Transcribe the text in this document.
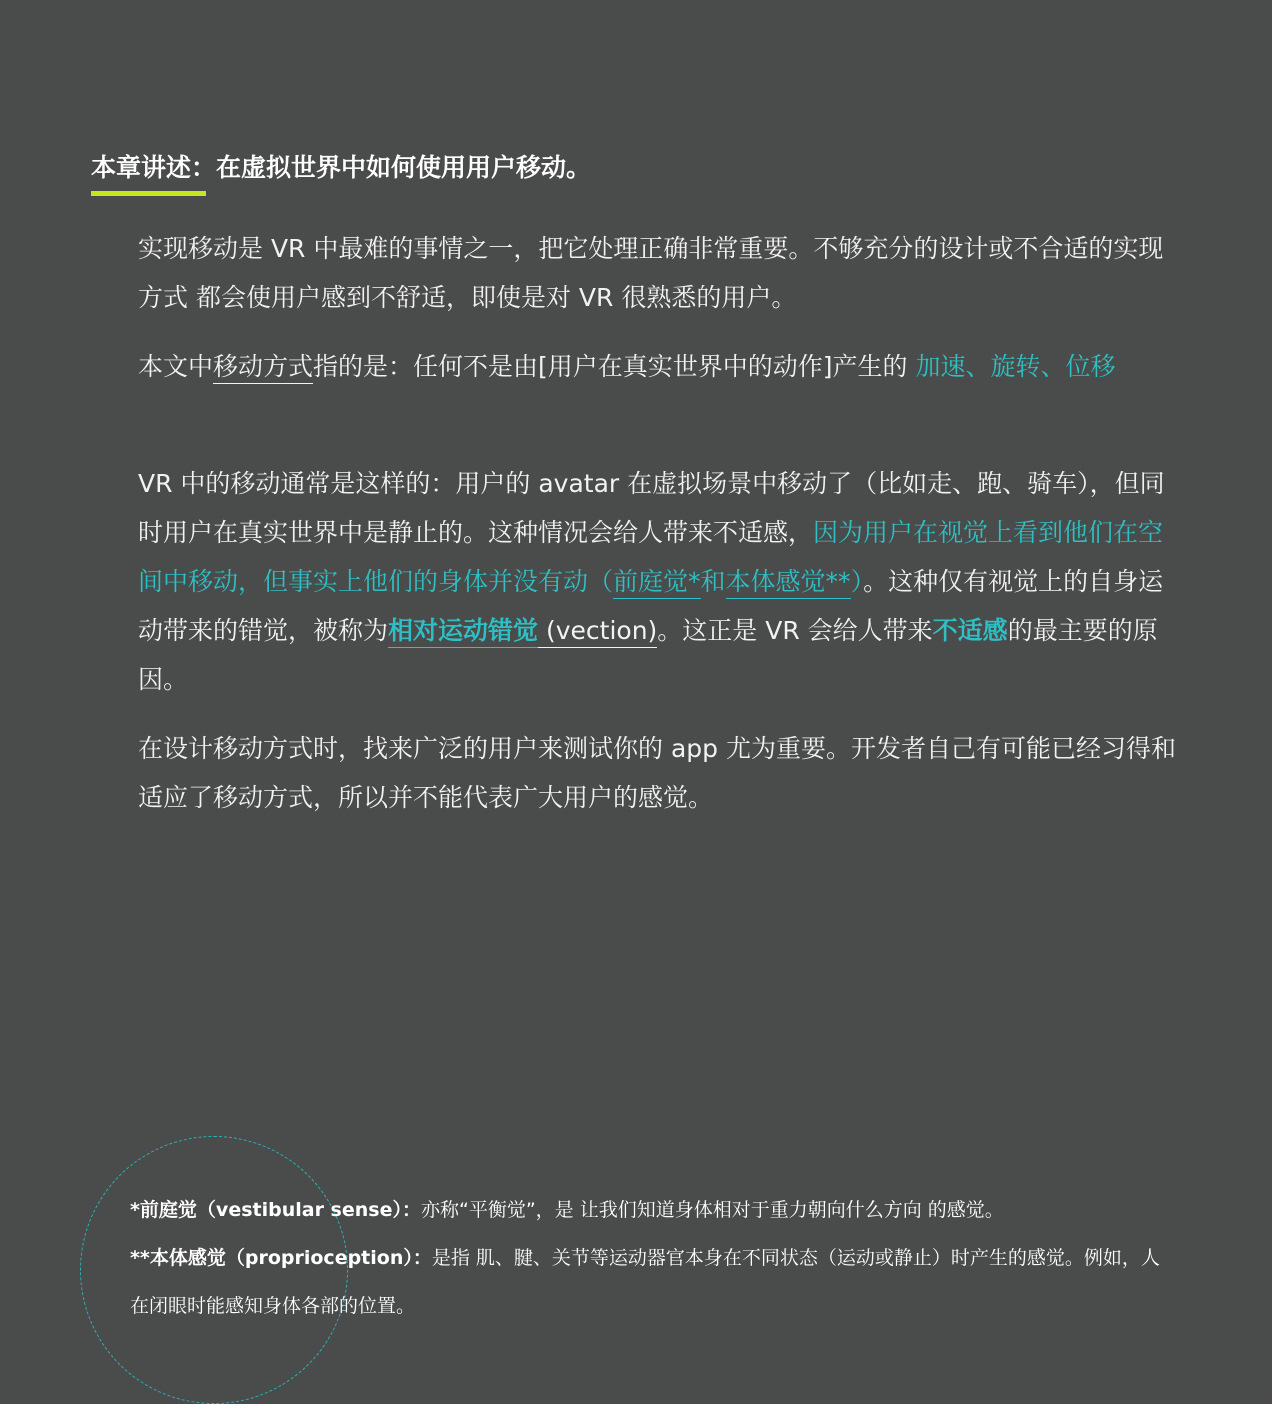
本章讲述：在虚拟世界中如何使用用户移动。
实现移动是 VR 中最难的事情之一，把它处理正确非常重要。不够充分的设计或不合适的实现方式 都会使用户感到不舒适，即使是对 VR 很熟悉的用户。
本文中移动方式指的是：任何不是由[用户在真实世界中的动作]产生的 加速、旋转、位移
VR 中的移动通常是这样的：用户的 avatar 在虚拟场景中移动了（比如走、跑、骑车），但同时用户在真实世界中是静止的。这种情况会给人带来不适感，因为用户在视觉上看到他们在空间中移动，但事实上他们的身体并没有动（前庭觉*和本体感觉**）。这种仅有视觉上的自身运动带来的错觉，被称为相对运动错觉 (vection)。这正是 VR 会给人带来不适感的最主要的原因。
在设计移动方式时，找来广泛的用户来测试你的 app 尤为重要。开发者自己有可能已经习得和适应了移动方式，所以并不能代表广大用户的感觉。
*前庭觉（vestibular sense）：亦称“平衡觉”，是 让我们知道身体相对于重力朝向什么方向 的感觉。
**本体感觉（proprioception）：是指 肌、腱、关节等运动器官本身在不同状态（运动或静止）时产生的感觉。例如，人在闭眼时能感知身体各部的位置。
